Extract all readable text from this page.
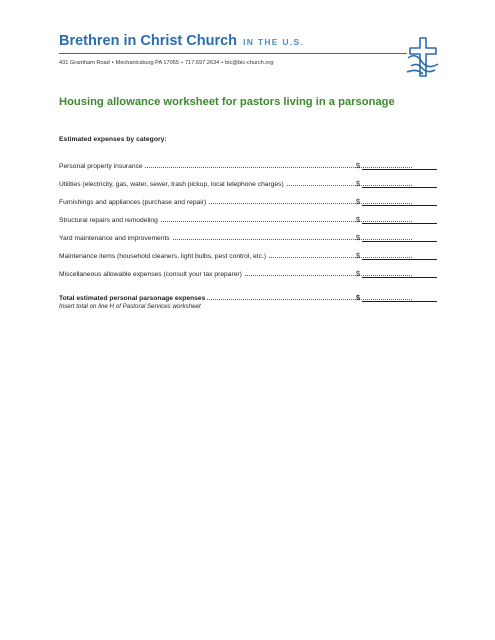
Brethren in Christ Church IN THE U.S.
431 Grantham Road • Mechanicsburg PA 17055 • 717.697.2634 • bic@bic-church.org
Housing allowance worksheet for pastors living in a parsonage
Estimated expenses by category:
Personal property insurance	$
Utilities (electricity, gas, water, sewer, trash pickup, local telephone charges)	$
Furnishings and appliances (purchase and repair)	$
Structural repairs and remodeling	$
Yard maintenance and improvements	$
Maintenance items (household cleaners, light bulbs, pest control, etc.)	$
Miscellaneous allowable expenses (consult your tax preparer)	$
Total estimated personal parsonage expenses	$
Insert total on line H of Pastoral Services worksheet
